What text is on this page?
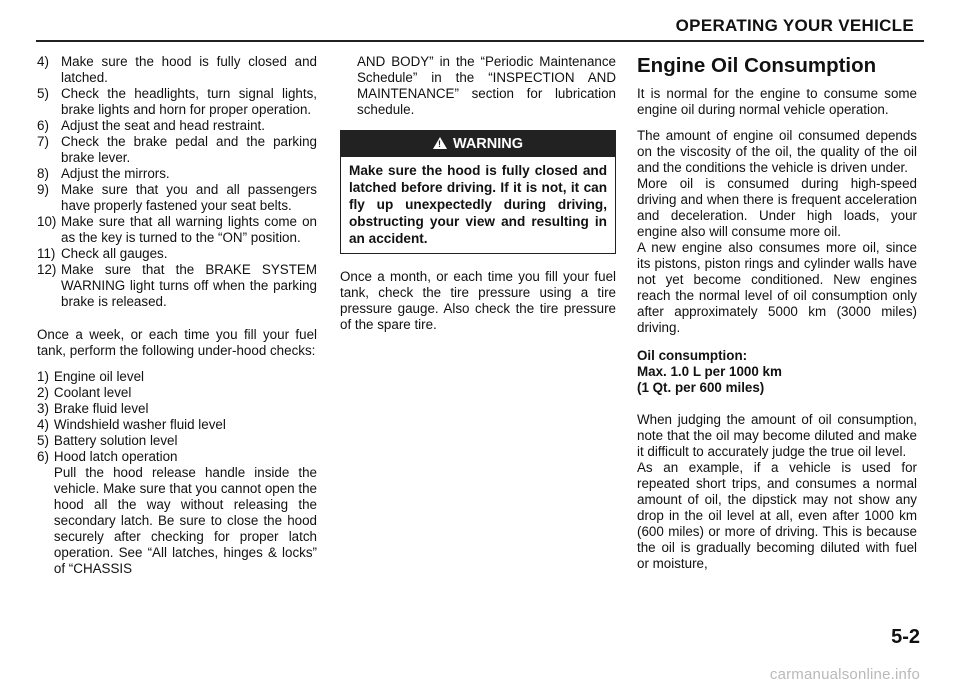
OPERATING YOUR VEHICLE
4) Make sure the hood is fully closed and latched.
5) Check the headlights, turn signal lights, brake lights and horn for proper operation.
6) Adjust the seat and head restraint.
7) Check the brake pedal and the parking brake lever.
8) Adjust the mirrors.
9) Make sure that you and all passengers have properly fastened your seat belts.
10) Make sure that all warning lights come on as the key is turned to the “ON” position.
11) Check all gauges.
12) Make sure that the BRAKE SYSTEM WARNING light turns off when the parking brake is released.

Once a week, or each time you fill your fuel tank, perform the following under-hood checks:

1) Engine oil level
2) Coolant level
3) Brake fluid level
4) Windshield washer fluid level
5) Battery solution level
6) Hood latch operation
Pull the hood release handle inside the vehicle. Make sure that you cannot open the hood all the way without releasing the secondary latch. Be sure to close the hood securely after checking for proper latch operation. See “All latches, hinges & locks” of “CHASSIS

AND BODY” in the “Periodic Maintenance Schedule” in the “INSPECTION AND MAINTENANCE” section for lubrication schedule.

!WARNING
Make sure the hood is fully closed and latched before driving. If it is not, it can fly up unexpectedly during driving, obstructing your view and resulting in an accident.

Once a month, or each time you fill your fuel tank, check the tire pressure using a tire pressure gauge. Also check the tire pressure of the spare tire.

Engine Oil Consumption

It is normal for the engine to consume some engine oil during normal vehicle operation.

The amount of engine oil consumed depends on the viscosity of the oil, the quality of the oil and the conditions the vehicle is driven under.

More oil is consumed during high-speed driving and when there is frequent acceleration and deceleration. Under high loads, your engine also will consume more oil.

A new engine also consumes more oil, since its pistons, piston rings and cylinder walls have not yet become conditioned. New engines reach the normal level of oil consumption only after approximately 5000 km (3000 miles) driving.

Oil consumption:
Max. 1.0 L per 1000 km
(1 Qt. per 600 miles)

When judging the amount of oil consumption, note that the oil may become diluted and make it difficult to accurately judge the true oil level.

As an example, if a vehicle is used for repeated short trips, and consumes a normal amount of oil, the dipstick may not show any drop in the oil level at all, even after 1000 km (600 miles) or more of driving. This is because the oil is gradually becoming diluted with fuel or moisture,

5-2
carmanualsonline.info
